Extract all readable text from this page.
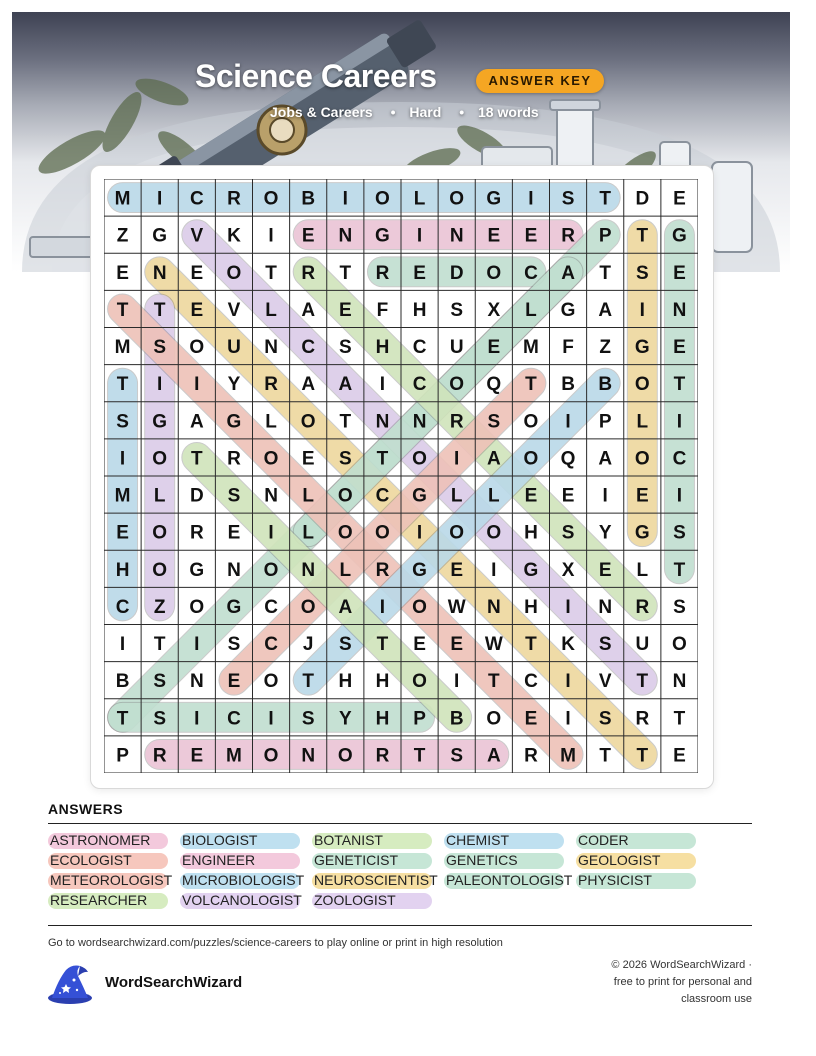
Science Careers	ANSWER KEY
Jobs & Careers • Hard • 18 words
M I C R O B I O L O G I S T D E
Z G V K I E N G I N E E R P T G
E N E O T R T R E D O C A T S E
T T E V L A E F H S X L G A I N
M S O U N C S H C U E M F Z G E
T I I Y R A A I C O Q T B B O T
S G A G L O T N N R S O I P L I
I O T R O E S T O I A O Q A O C
M L D S N L O C G L L E E I E I
E O R E I L O O I O O H S Y G S
H O G N O N L R G E I G X E L T
C Z O G C O A I O W N H I N R S
I T I S C J S T E E W T K S U O
B S N E O T H H O I T C I V T N
T S I C I S Y H P B O E I S R T
P R E M O N O R T S A R M T T E
ANSWERS
ASTRONOMER BIOLOGIST	BOTANIST	CHEMIST	CODER
ECOLOGIST	ENGINEER	GENETICIST	GENETICS	GEOLOGIST
METEOROLOGIST MICROBIOLOGIST NEUROSCIENTIST PALEONTOLOGIST PHYSICIST
RESEARCHER VOLCANOLOGIST ZOOLOGIST
Go to wordsearchwizard.com/puzzles/science-careers to play online or print in high resolution
WordSearchWizard
© 2026 WordSearchWizard ·
free to print for personal and
classroom use
